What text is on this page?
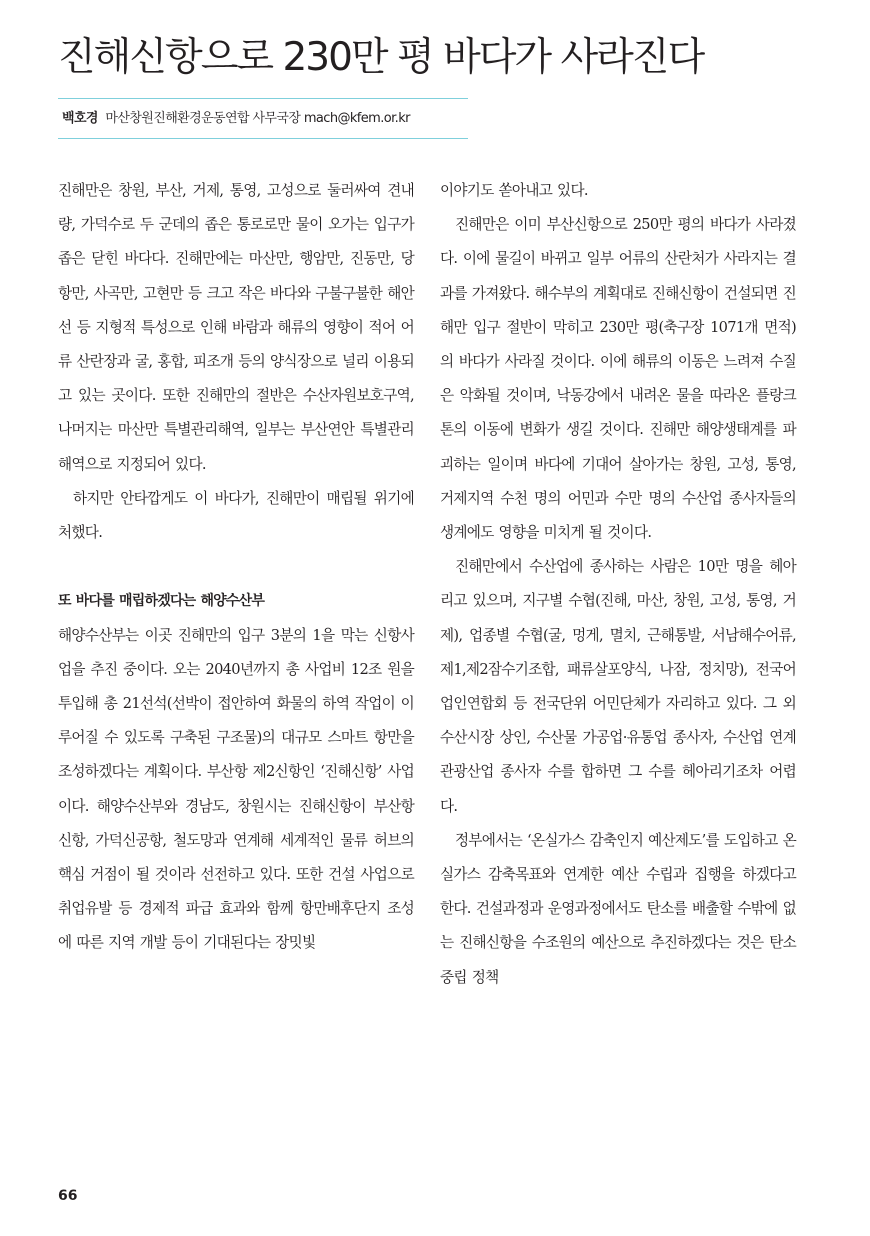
진해신항으로 230만 평 바다가 사라진다
백호경 마산창원진해환경운동연합 사무국장 mach@kfem.or.kr

진해만은 창원, 부산, 거제, 통영, 고성으로 둘러싸여 견내량, 가덕수로 두 군데의 좁은 통로로만 물이 오가는 입구가 좁은 닫힌 바다다. 진해만에는 마산만, 행암만, 진동만, 당항만, 사곡만, 고현만 등 크고 작은 바다와 구불구불한 해안선 등 지형적 특성으로 인해 바람과 해류의 영향이 적어 어류 산란장과 굴, 홍합, 피조개 등의 양식장으로 널리 이용되고 있는 곳이다. 또한 진해만의 절반은 수산자원보호구역, 나머지는 마산만 특별관리해역, 일부는 부산연안 특별관리해역으로 지정되어 있다.

하지만 안타깝게도 이 바다가, 진해만이 매립될 위기에 처했다.

또 바다를 매립하겠다는 해양수산부

해양수산부는 이곳 진해만의 입구 3분의 1을 막는 신항사업을 추진 중이다. 오는 2040년까지 총 사업비 12조 원을 투입해 총 21선석(선박이 접안하여 화물의 하역 작업이 이루어질 수 있도록 구축된 구조물)의 대규모 스마트 항만을 조성하겠다는 계획이다. 부산항 제2신항인 ‘진해신항’ 사업이다. 해양수산부와 경남도, 창원시는 진해신항이 부산항 신항, 가덕신공항, 철도망과 연계해 세계적인 물류 허브의 핵심 거점이 될 것이라 선전하고 있다. 또한 건설 사업으로 취업유발 등 경제적 파급 효과와 함께 항만배후단지 조성에 따른 지역 개발 등이 기대된다는 장밋빛

이야기도 쏟아내고 있다.

진해만은 이미 부산신항으로 250만 평의 바다가 사라졌다. 이에 물길이 바뀌고 일부 어류의 산란처가 사라지는 결과를 가져왔다. 해수부의 계획대로 진해신항이 건설되면 진해만 입구 절반이 막히고 230만 평(축구장 1071개 면적)의 바다가 사라질 것이다. 이에 해류의 이동은 느려져 수질은 악화될 것이며, 낙동강에서 내려온 물을 따라온 플랑크톤의 이동에 변화가 생길 것이다. 진해만 해양생태계를 파괴하는 일이며 바다에 기대어 살아가는 창원, 고성, 통영, 거제지역 수천 명의 어민과 수만 명의 수산업 종사자들의 생계에도 영향을 미치게 될 것이다.

진해만에서 수산업에 종사하는 사람은 10만 명을 헤아리고 있으며, 지구별 수협(진해, 마산, 창원, 고성, 통영, 거제), 업종별 수협(굴, 멍게, 멸치, 근해통발, 서남해수어류, 제1,제2잠수기조합, 패류살포양식, 나잠, 정치망), 전국어업인연합회 등 전국단위 어민단체가 자리하고 있다. 그 외 수산시장 상인, 수산물 가공업·유통업 종사자, 수산업 연계 관광산업 종사자 수를 합하면 그 수를 헤아리기조차 어렵다.

정부에서는 ‘온실가스 감축인지 예산제도’를 도입하고 온실가스 감축목표와 연계한 예산 수립과 집행을 하겠다고 한다. 건설과정과 운영과정에서도 탄소를 배출할 수밖에 없는 진해신항을 수조원의 예산으로 추진하겠다는 것은 탄소중립 정책

66
